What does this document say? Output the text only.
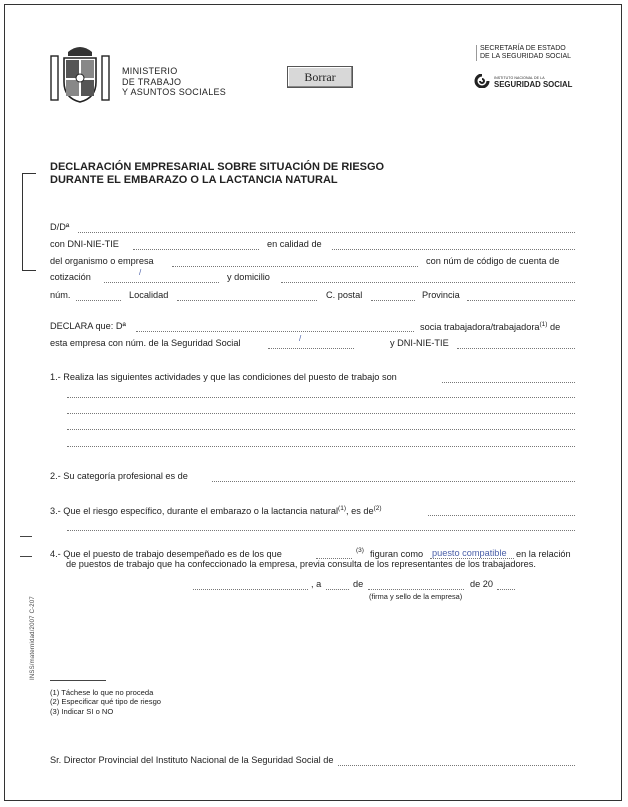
MINISTERIO
DE TRABAJO
Y ASUNTOS SOCIALES
Borrar
SECRETARÍA DE ESTADO
DE LA SEGURIDAD SOCIAL
INSTITUTO NACIONAL DE LA
SEGURIDAD SOCIAL
DECLARACIÓN EMPRESARIAL SOBRE SITUACIÓN DE RIESGO
DURANTE EL EMBARAZO O LA LACTANCIA NATURAL
D/Dª
con DNI-NIE-TIE	en calidad de
del organismo o empresa	con núm de código de cuenta de
cotización	/	y domicilio
núm.	Localidad	C. postal	Provincia
DECLARA que: Dª	socia trabajadora/trabajadora$^{(1)}$ de
esta empresa con núm. de la Seguridad Social	/	y DNI-NIE-TIE
1.- Realiza las siguientes actividades y que las condiciones del puesto de trabajo son
2.- Su categoría profesional es de
3.- Que el riesgo específico, durante el embarazo o la lactancia natural$^{(1)}$, es $de^{(2)}$
4.- Que el puesto de trabajo desempeñado es de los que	(3) figuran como puesto compatible en la relación
de puestos de trabajo que ha confeccionado la empresa, previa consulta de los representantes de los trabajadores.
, a	de	de 20
(firma y sello de la empresa)
INSS/maternidad/2007 C-207
(1) Táchese lo que no proceda
(2) Especificar qué tipo de riesgo
(3) Indicar SI o NO
Sr. Director Provincial del Instituto Nacional de la Seguridad Social de
